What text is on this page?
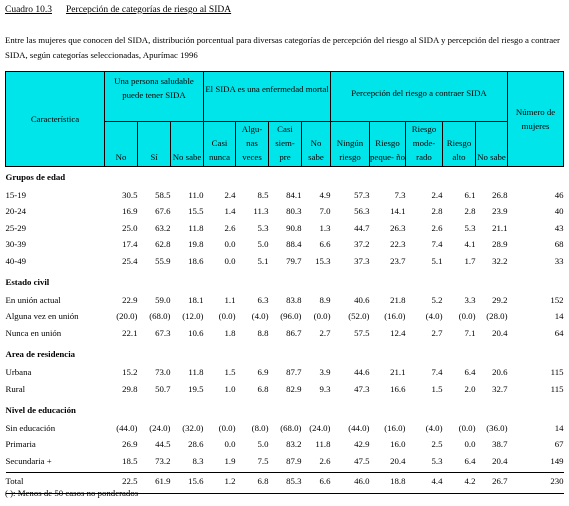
Cuadro 10.3 Percepción de categorías de riesgo al SIDA
Entre las mujeres que conocen del SIDA, distribución porcentual para diversas categorías de percepción del riesgo al SIDA y percepción del riesgo a contraer SIDA, según categorías seleccionadas, Apurímac 1996
Característica	Una persona saludable puede tener SIDA			El SIDA es una enfermedad mortal				Percepción del riesgo a contraer SIDA					Número de mujeres
	No	Sí	No sabe	Casi nunca	Algu- nas veces	Casi siem- pre	No sabe	Ningún riesgo	Riesgo peque- ño	Riesgo mode- rado	Riesgo alto	No sabe	
Grupos de edad													
15-19	30.5	58.5	11.0	2.4	8.5	84.1	4.9	57.3	7.3	2.4	6.1	26.8	46
20-24	16.9	67.6	15.5	1.4	11.3	80.3	7.0	56.3	14.1	2.8	2.8	23.9	40
25-29	25.0	63.2	11.8	2.6	5.3	90.8	1.3	44.7	26.3	2.6	5.3	21.1	43
30-39	17.4	62.8	19.8	0.0	5.0	88.4	6.6	37.2	22.3	7.4	4.1	28.9	68
40-49	25.4	55.9	18.6	0.0	5.1	79.7	15.3	37.3	23.7	5.1	1.7	32.2	33

Estado civil													
En unión actual	22.9	59.0	18.1	1.1	6.3	83.8	8.9	40.6	21.8	5.2	3.3	29.2	152
Alguna vez en unión	(20.0)	(68.0)	(12.0)	(0.0)	(4.0)	(96.0)	(0.0)	(52.0)	(16.0)	(4.0)	(0.0)	(28.0)	14
Nunca en unión	22.1	67.3	10.6	1.8	8.8	86.7	2.7	57.5	12.4	2.7	7.1	20.4	64

Area de residencia													
Urbana	15.2	73.0	11.8	1.5	6.9	87.7	3.9	44.6	21.1	7.4	6.4	20.6	115
Rural	29.8	50.7	19.5	1.0	6.8	82.9	9.3	47.3	16.6	1.5	2.0	32.7	115

Nivel de educación													
Sin educación	(44.0)	(24.0)	(32.0)	(0.0)	(8.0)	(68.0)	(24.0)	(44.0)	(16.0)	(4.0)	(0.0)	(36.0)	14
Primaria	26.9	44.5	28.6	0.0	5.0	83.2	11.8	42.9	16.0	2.5	0.0	38.7	67
Secundaria +	18.5	73.2	8.3	1.9	7.5	87.9	2.6	47.5	20.4	5.3	6.4	20.4	149

Total	22.5	61.9	15.6	1.2	6.8	85.3	6.6	46.0	18.8	4.4	4.2	26.7	230

( ): Menos de 50 casos no ponderados
